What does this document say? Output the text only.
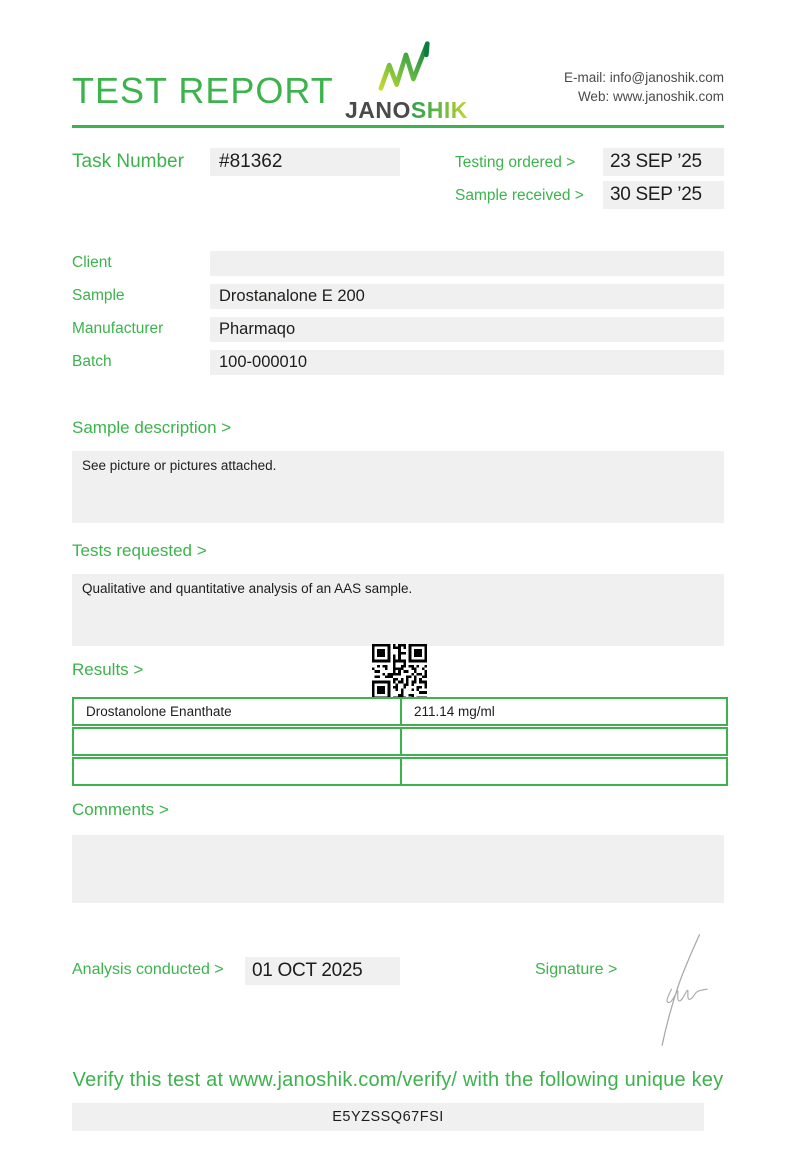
TEST REPORT JANOSHIK
E-mail: info@janoshik.com
Web: www.janoshik.com
Task Number	#81362	Testing ordered >	23 SEP ’25
Sample received >	30 SEP ’25
Client
Sample	Drostanalone E 200
Manufacturer	Pharmaqo
Batch	100-000010
Sample description >
See picture or pictures attached.
Tests requested >
Qualitative and quantitative analysis of an AAS sample.
Results >
Drostanolone Enanthate	211.14 mg/ml
Comments >
Analysis conducted >	01 OCT 2025	Signature >
Verify this test at www.janoshik.com/verify/ with the following unique key
E5YZSSQ67FSI
